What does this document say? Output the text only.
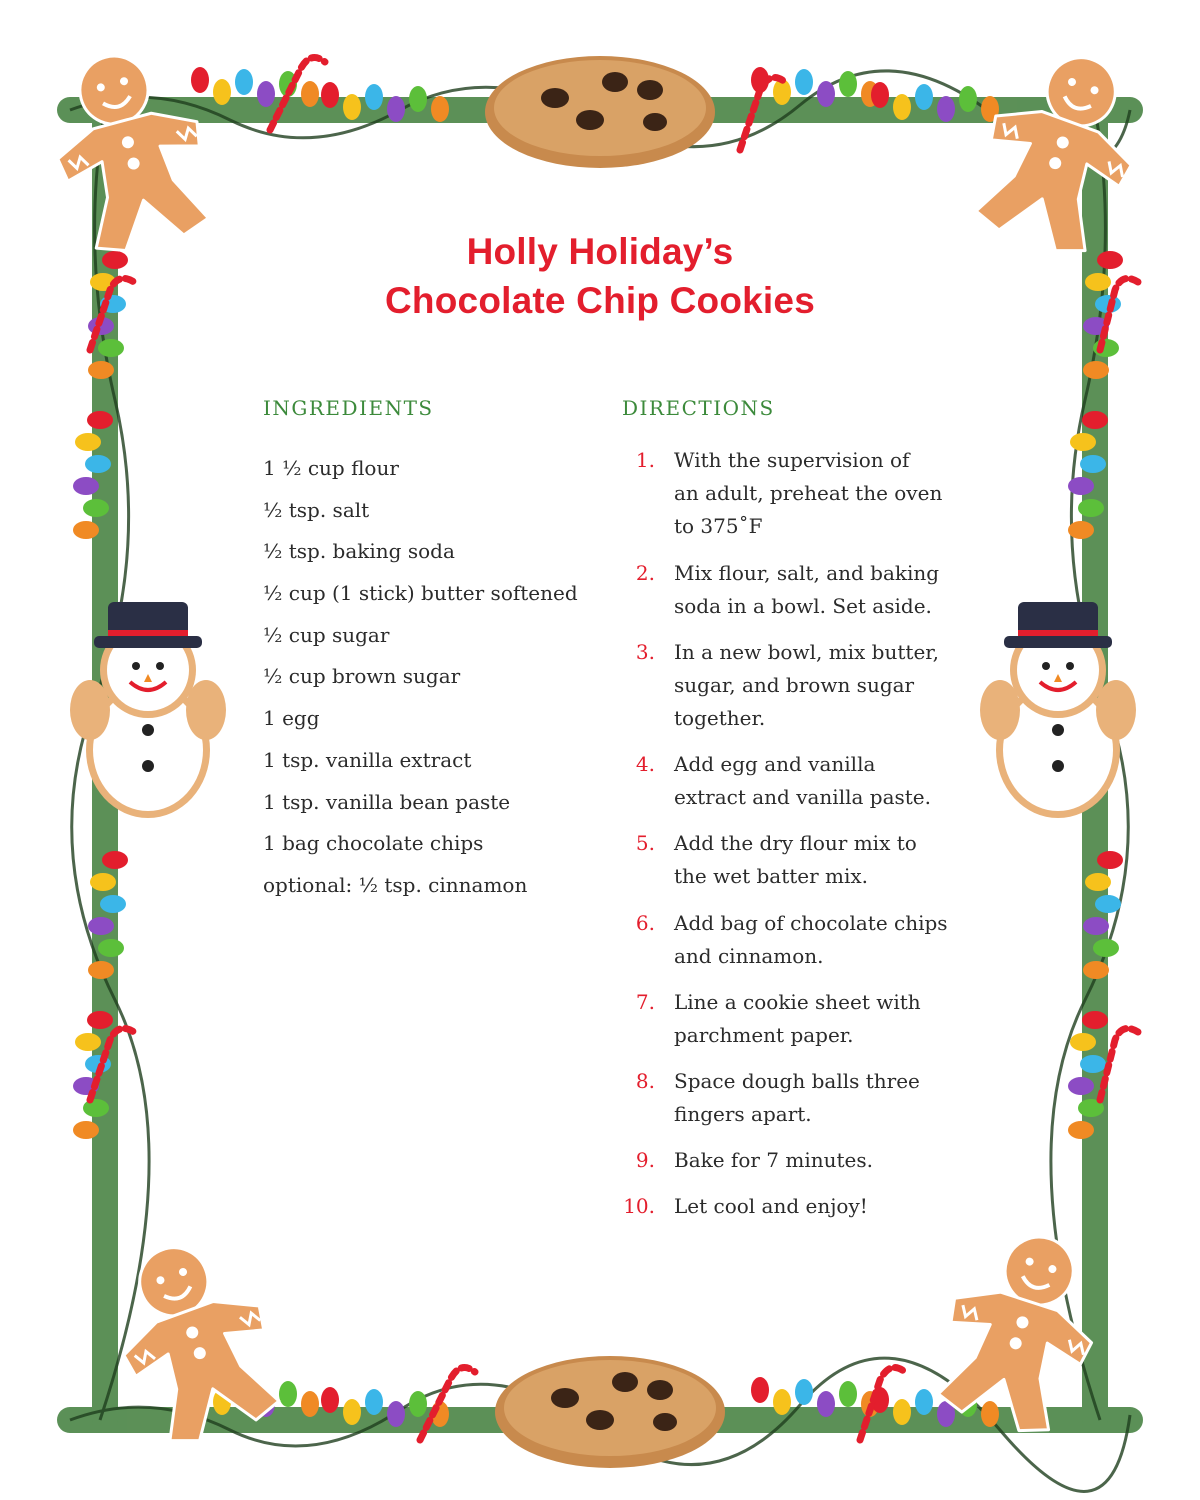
Holly Holiday’s
Chocolate Chip Cookies
INGREDIENTS	DIRECTIONS
1 ½ cup flour
½ tsp. salt
½ tsp. baking soda
½ cup (1 stick) butter softened
½ cup sugar
½ cup brown sugar
1 egg
1 tsp. vanilla extract
1 tsp. vanilla bean paste
1 bag chocolate chips
optional: ½ tsp. cinnamon
1. With the supervision of
an adult, preheat the oven
to 375˚F
2. Mix flour, salt, and baking
soda in a bowl. Set aside.
3. In a new bowl, mix butter,
sugar, and brown sugar
together.
4. Add egg and vanilla
extract and vanilla paste.
5. Add the dry flour mix to
the wet batter mix.
6. Add bag of chocolate chips
and cinnamon.
7. Line a cookie sheet with
parchment paper.
8. Space dough balls three
fingers apart.
9. Bake for 7 minutes.
10. Let cool and enjoy!
